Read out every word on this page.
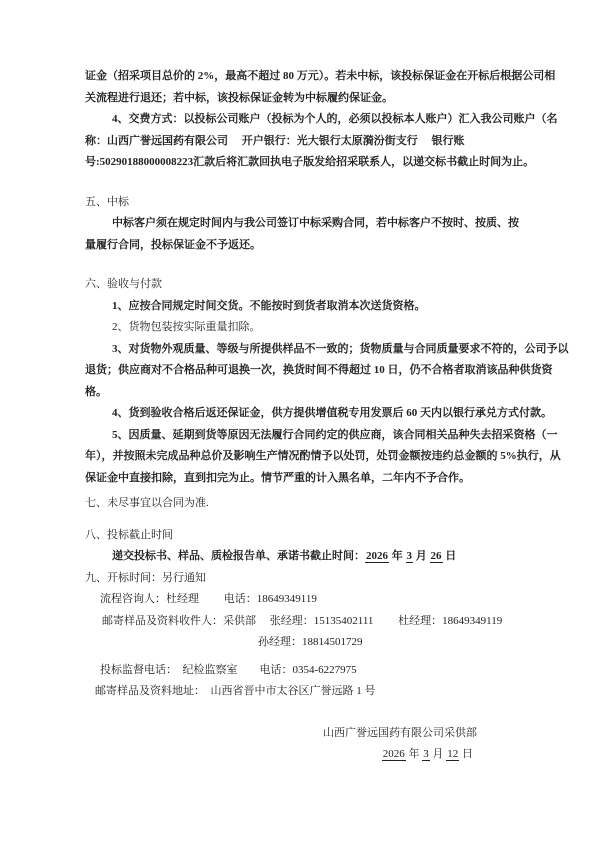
证金（招采项目总价的 2%，最高不超过 80 万元）。若未中标，该投标保证金在开标后根据公司相

关流程进行退还；若中标，该投标保证金转为中标履约保证金。

4、交费方式：以投标公司账户（投标为个人的，必须以投标本人账户）汇入我公司账户（名

称：山西广誉远国药有限公司　 开户银行：光大银行太原漪汾街支行　 银行账

号:50290188000008223汇款后将汇款回执电子版发给招采联系人，以递交标书截止时间为止。

五、中标

中标客户须在规定时间内与我公司签订中标采购合同，若中标客户不按时、按质、按

量履行合同，投标保证金不予返还。

六、验收与付款

1、应按合同规定时间交货。不能按时到货者取消本次送货资格。

2、货物包装按实际重量扣除。

3、对货物外观质量、等级与所提供样品不一致的；货物质量与合同质量要求不符的，公司予以

退货；供应商对不合格品种可退换一次，换货时间不得超过 10 日，仍不合格者取消该品种供货资

格。

4、货到验收合格后返还保证金，供方提供增值税专用发票后 60 天内以银行承兑方式付款。

5、因质量、延期到货等原因无法履行合同约定的供应商，该合同相关品种失去招采资格（一

年），并按照未完成品种总价及影响生产情况酌情予以处罚，处罚金额按违约总金额的 5%执行，从

保证金中直接扣除，直到扣完为止。情节严重的计入黑名单，二年内不予合作。

七、未尽事宜以合同为准.

八、投标截止时间

递交投标书、样品、质检报告单、承诺书截止时间：2026 年 3 月 26 日

九、开标时间：另行通知

流程咨询人：杜经理　　 电话：18649349119

邮寄样品及资料收件人：采供部　 张经理：15135402111　　 杜经理：18649349119

孙经理：18814501729

投标监督电话：　纪检监察室　　电话：0354-6227975

邮寄样品及资料地址：　山西省晋中市太谷区广誉远路 1 号

山西广誉远国药有限公司采供部

2026 年 3 月 12 日
